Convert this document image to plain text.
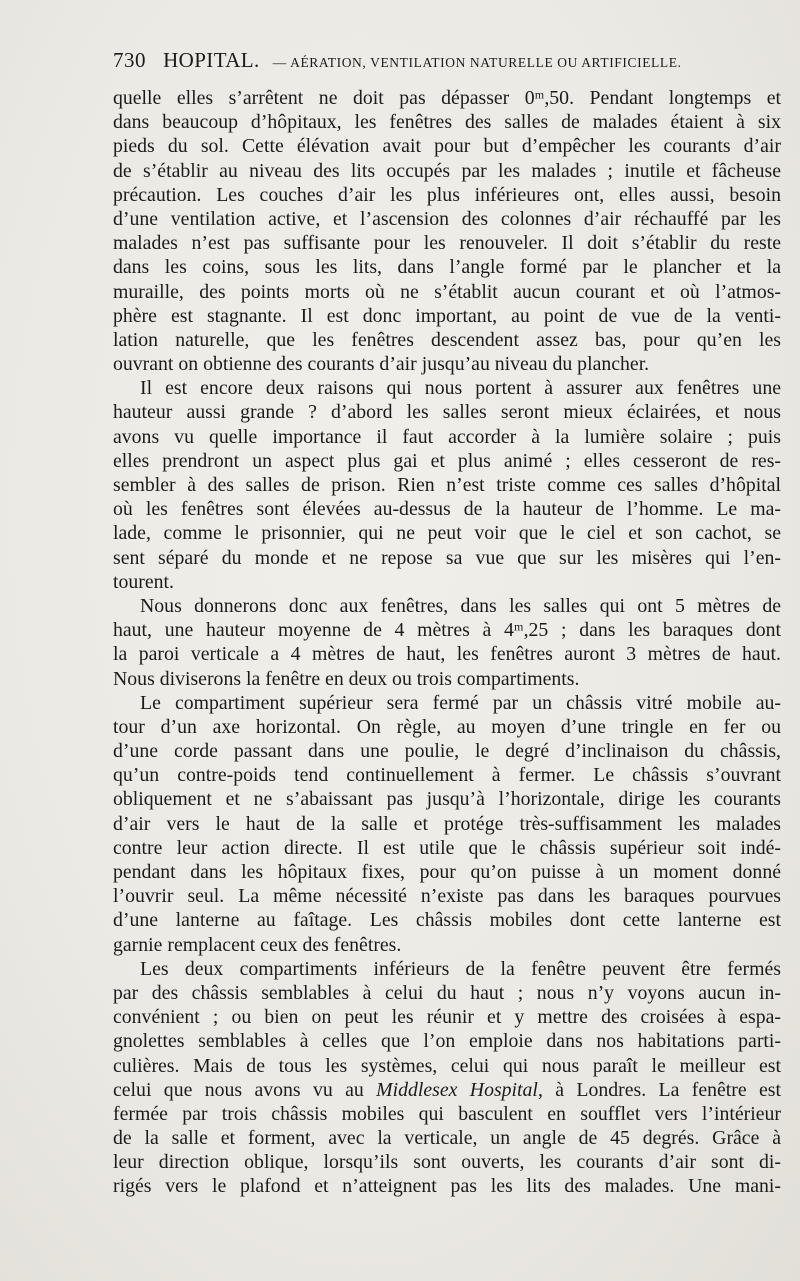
730 HOPITAL. — AÉRATION, VENTILATION NATURELLE OU ARTIFICIELLE.
quelle elles s’arrêtent ne doit pas dépasser 0ᵐ,50. Pendant longtemps et
dans beaucoup d’hôpitaux, les fenêtres des salles de malades étaient à six
pieds du sol. Cette élévation avait pour but d’empêcher les courants d’air
de s’établir au niveau des lits occupés par les malades ; inutile et fâcheuse
précaution. Les couches d’air les plus inférieures ont, elles aussi, besoin
d’une ventilation active, et l’ascension des colonnes d’air réchauffé par les
malades n’est pas suffisante pour les renouveler. Il doit s’établir du reste
dans les coins, sous les lits, dans l’angle formé par le plancher et la
muraille, des points morts où ne s’établit aucun courant et où l’atmos-
phère est stagnante. Il est donc important, au point de vue de la venti-
lation naturelle, que les fenêtres descendent assez bas, pour qu’en les
ouvrant on obtienne des courants d’air jusqu’au niveau du plancher.
Il est encore deux raisons qui nous portent à assurer aux fenêtres une
hauteur aussi grande ? d’abord les salles seront mieux éclairées, et nous
avons vu quelle importance il faut accorder à la lumière solaire ; puis
elles prendront un aspect plus gai et plus animé ; elles cesseront de res-
sembler à des salles de prison. Rien n’est triste comme ces salles d’hôpital
où les fenêtres sont élevées au-dessus de la hauteur de l’homme. Le ma-
lade, comme le prisonnier, qui ne peut voir que le ciel et son cachot, se
sent séparé du monde et ne repose sa vue que sur les misères qui l’en-
tourent.
Nous donnerons donc aux fenêtres, dans les salles qui ont 5 mètres de
haut, une hauteur moyenne de 4 mètres à 4ᵐ,25 ; dans les baraques dont
la paroi verticale a 4 mètres de haut, les fenêtres auront 3 mètres de haut.
Nous diviserons la fenêtre en deux ou trois compartiments.
Le compartiment supérieur sera fermé par un châssis vitré mobile au-
tour d’un axe horizontal. On règle, au moyen d’une tringle en fer ou
d’une corde passant dans une poulie, le degré d’inclinaison du châssis,
qu’un contre-poids tend continuellement à fermer. Le châssis s’ouvrant
obliquement et ne s’abaissant pas jusqu’à l’horizontale, dirige les courants
d’air vers le haut de la salle et protége très-suffisamment les malades
contre leur action directe. Il est utile que le châssis supérieur soit indé-
pendant dans les hôpitaux fixes, pour qu’on puisse à un moment donné
l’ouvrir seul. La même nécessité n’existe pas dans les baraques pourvues
d’une lanterne au faîtage. Les châssis mobiles dont cette lanterne est
garnie remplacent ceux des fenêtres.
Les deux compartiments inférieurs de la fenêtre peuvent être fermés
par des châssis semblables à celui du haut ; nous n’y voyons aucun in-
convénient ; ou bien on peut les réunir et y mettre des croisées à espa-
gnolettes semblables à celles que l’on emploie dans nos habitations parti-
culières. Mais de tous les systèmes, celui qui nous paraît le meilleur est
celui que nous avons vu au Middlesex Hospital, à Londres. La fenêtre est
fermée par trois châssis mobiles qui basculent en soufflet vers l’intérieur
de la salle et forment, avec la verticale, un angle de 45 degrés. Grâce à
leur direction oblique, lorsqu’ils sont ouverts, les courants d’air sont di-
rigés vers le plafond et n’atteignent pas les lits des malades. Une mani-
